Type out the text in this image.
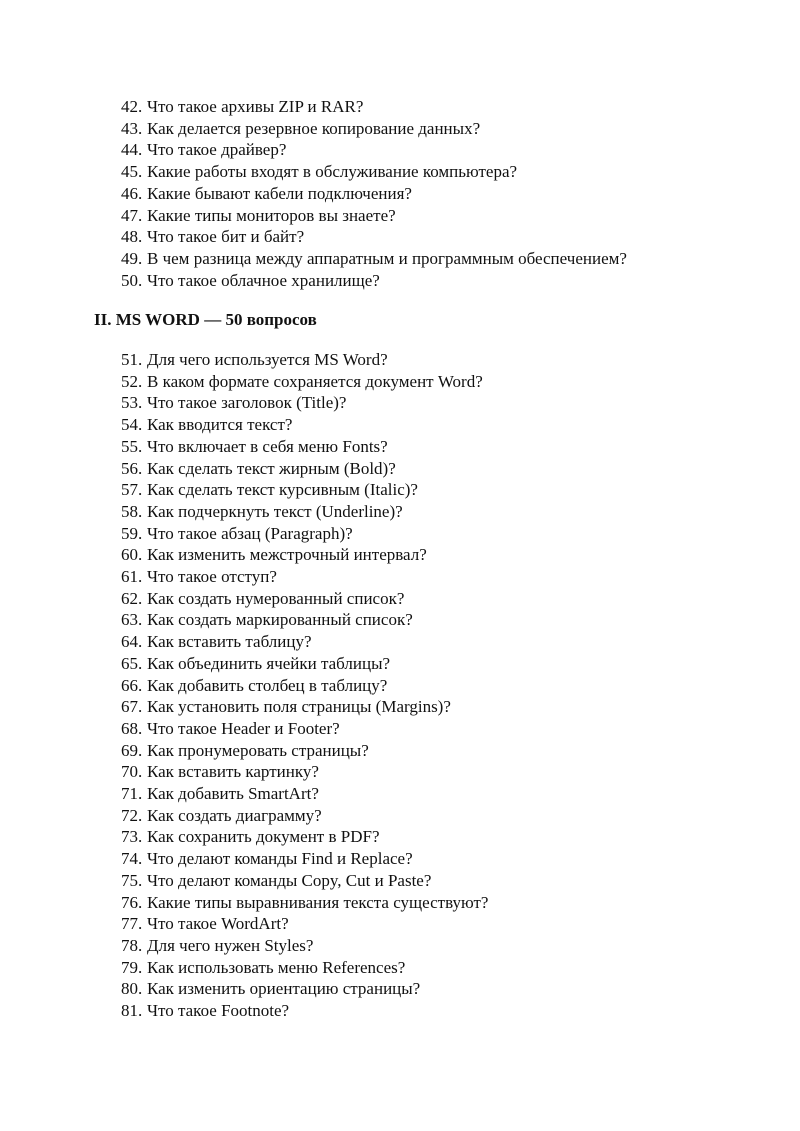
42. Что такое архивы ZIP и RAR?
43. Как делается резервное копирование данных?
44. Что такое драйвер?
45. Какие работы входят в обслуживание компьютера?
46. Какие бывают кабели подключения?
47. Какие типы мониторов вы знаете?
48. Что такое бит и байт?
49. В чем разница между аппаратным и программным обеспечением?
50. Что такое облачное хранилище?
II. MS WORD — 50 вопросов
51. Для чего используется MS Word?
52. В каком формате сохраняется документ Word?
53. Что такое заголовок (Title)?
54. Как вводится текст?
55. Что включает в себя меню Fonts?
56. Как сделать текст жирным (Bold)?
57. Как сделать текст курсивным (Italic)?
58. Как подчеркнуть текст (Underline)?
59. Что такое абзац (Paragraph)?
60. Как изменить межстрочный интервал?
61. Что такое отступ?
62. Как создать нумерованный список?
63. Как создать маркированный список?
64. Как вставить таблицу?
65. Как объединить ячейки таблицы?
66. Как добавить столбец в таблицу?
67. Как установить поля страницы (Margins)?
68. Что такое Header и Footer?
69. Как пронумеровать страницы?
70. Как вставить картинку?
71. Как добавить SmartArt?
72. Как создать диаграмму?
73. Как сохранить документ в PDF?
74. Что делают команды Find и Replace?
75. Что делают команды Copy, Cut и Paste?
76. Какие типы выравнивания текста существуют?
77. Что такое WordArt?
78. Для чего нужен Styles?
79. Как использовать меню References?
80. Как изменить ориентацию страницы?
81. Что такое Footnote?
